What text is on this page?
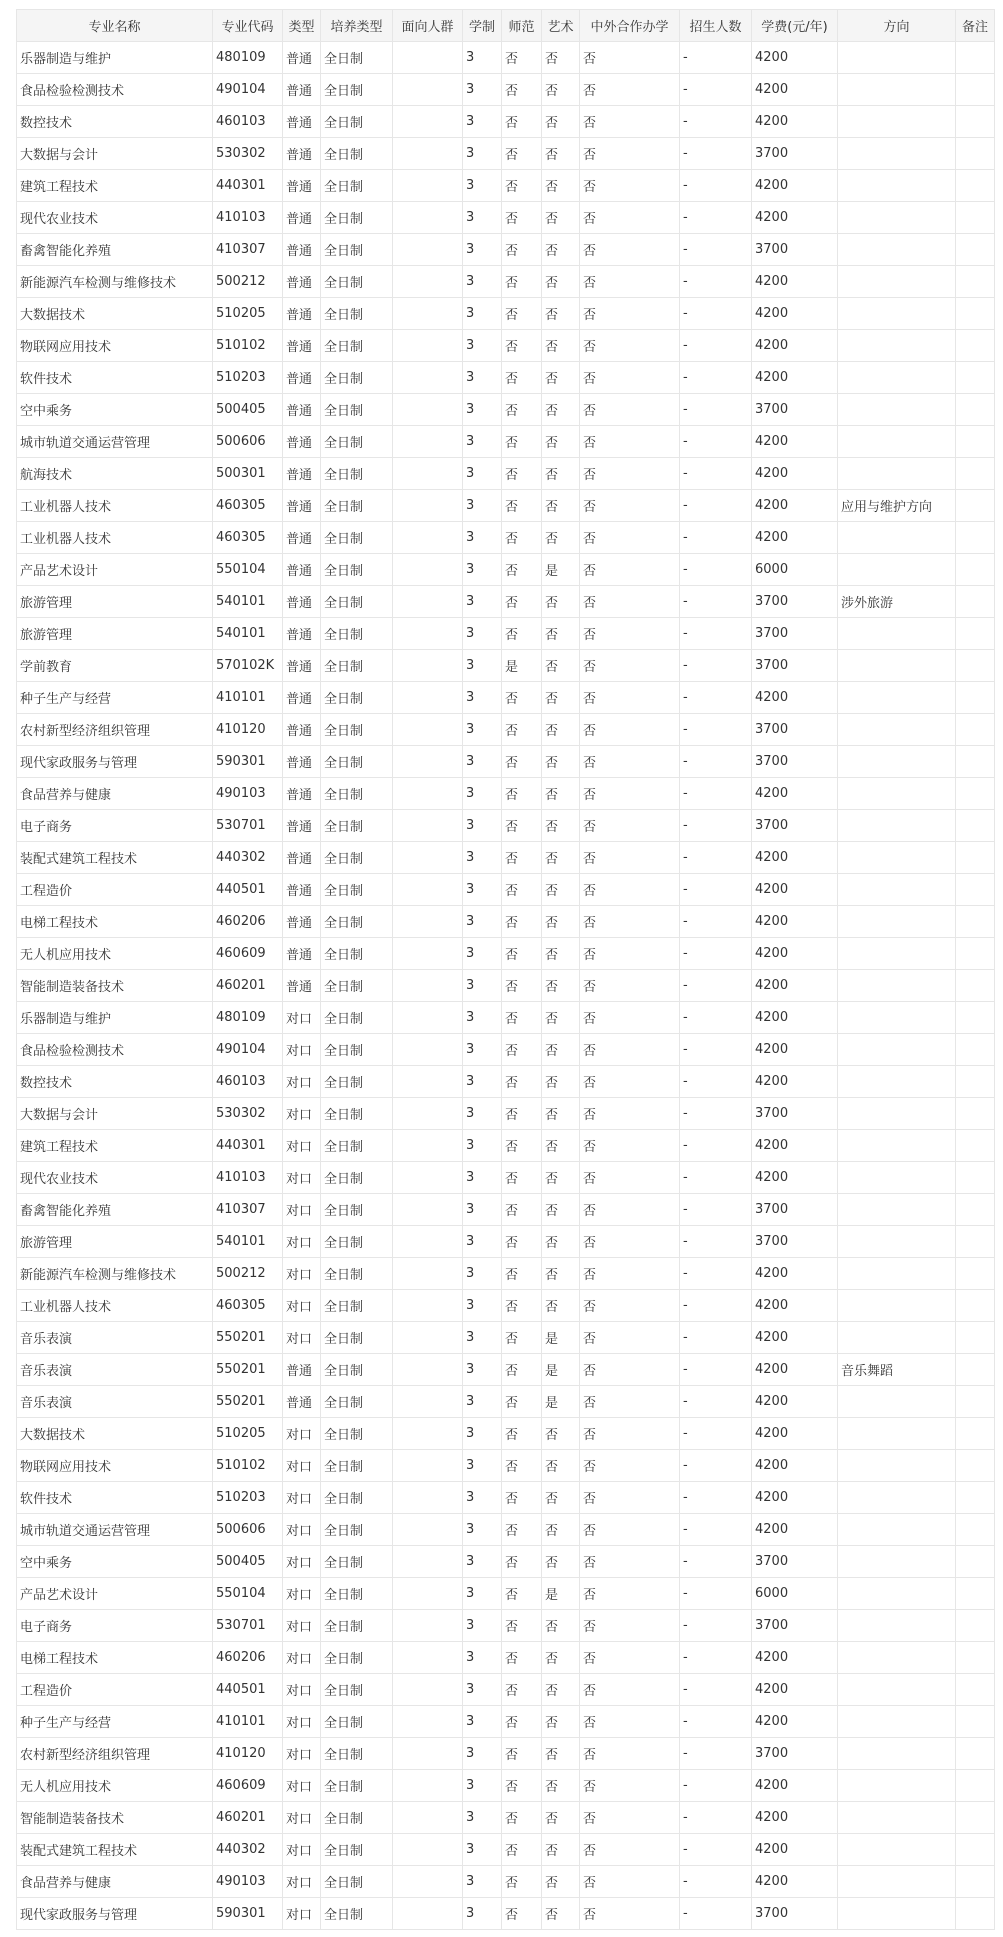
专业名称	专业代码	类型	培养类型	面向人群	学制	师范	艺术	中外合作办学	招生人数	学费(元/年)	方向	备注
乐器制造与维护	480109	普通	全日制		3	否	否	否	-	4200		
食品检验检测技术	490104	普通	全日制		3	否	否	否	-	4200		
数控技术	460103	普通	全日制		3	否	否	否	-	4200		
大数据与会计	530302	普通	全日制		3	否	否	否	-	3700		
建筑工程技术	440301	普通	全日制		3	否	否	否	-	4200		
现代农业技术	410103	普通	全日制		3	否	否	否	-	4200		
畜禽智能化养殖	410307	普通	全日制		3	否	否	否	-	3700		
新能源汽车检测与维修技术	500212	普通	全日制		3	否	否	否	-	4200		
大数据技术	510205	普通	全日制		3	否	否	否	-	4200		
物联网应用技术	510102	普通	全日制		3	否	否	否	-	4200		
软件技术	510203	普通	全日制		3	否	否	否	-	4200		
空中乘务	500405	普通	全日制		3	否	否	否	-	3700		
城市轨道交通运营管理	500606	普通	全日制		3	否	否	否	-	4200		
航海技术	500301	普通	全日制		3	否	否	否	-	4200		
工业机器人技术	460305	普通	全日制		3	否	否	否	-	4200	应用与维护方向	
工业机器人技术	460305	普通	全日制		3	否	否	否	-	4200		
产品艺术设计	550104	普通	全日制		3	否	是	否	-	6000		
旅游管理	540101	普通	全日制		3	否	否	否	-	3700	涉外旅游	
旅游管理	540101	普通	全日制		3	否	否	否	-	3700		
学前教育	570102K	普通	全日制		3	是	否	否	-	3700		
种子生产与经营	410101	普通	全日制		3	否	否	否	-	4200		
农村新型经济组织管理	410120	普通	全日制		3	否	否	否	-	3700		
现代家政服务与管理	590301	普通	全日制		3	否	否	否	-	3700		
食品营养与健康	490103	普通	全日制		3	否	否	否	-	4200		
电子商务	530701	普通	全日制		3	否	否	否	-	3700		
装配式建筑工程技术	440302	普通	全日制		3	否	否	否	-	4200		
工程造价	440501	普通	全日制		3	否	否	否	-	4200		
电梯工程技术	460206	普通	全日制		3	否	否	否	-	4200		
无人机应用技术	460609	普通	全日制		3	否	否	否	-	4200		
智能制造装备技术	460201	普通	全日制		3	否	否	否	-	4200		
乐器制造与维护	480109	对口	全日制		3	否	否	否	-	4200		
食品检验检测技术	490104	对口	全日制		3	否	否	否	-	4200		
数控技术	460103	对口	全日制		3	否	否	否	-	4200		
大数据与会计	530302	对口	全日制		3	否	否	否	-	3700		
建筑工程技术	440301	对口	全日制		3	否	否	否	-	4200		
现代农业技术	410103	对口	全日制		3	否	否	否	-	4200		
畜禽智能化养殖	410307	对口	全日制		3	否	否	否	-	3700		
旅游管理	540101	对口	全日制		3	否	否	否	-	3700		
新能源汽车检测与维修技术	500212	对口	全日制		3	否	否	否	-	4200		
工业机器人技术	460305	对口	全日制		3	否	否	否	-	4200		
音乐表演	550201	对口	全日制		3	否	是	否	-	4200		
音乐表演	550201	普通	全日制		3	否	是	否	-	4200	音乐舞蹈	
音乐表演	550201	普通	全日制		3	否	是	否	-	4200		
大数据技术	510205	对口	全日制		3	否	否	否	-	4200		
物联网应用技术	510102	对口	全日制		3	否	否	否	-	4200		
软件技术	510203	对口	全日制		3	否	否	否	-	4200		
城市轨道交通运营管理	500606	对口	全日制		3	否	否	否	-	4200		
空中乘务	500405	对口	全日制		3	否	否	否	-	3700		
产品艺术设计	550104	对口	全日制		3	否	是	否	-	6000		
电子商务	530701	对口	全日制		3	否	否	否	-	3700		
电梯工程技术	460206	对口	全日制		3	否	否	否	-	4200		
工程造价	440501	对口	全日制		3	否	否	否	-	4200		
种子生产与经营	410101	对口	全日制		3	否	否	否	-	4200		
农村新型经济组织管理	410120	对口	全日制		3	否	否	否	-	3700		
无人机应用技术	460609	对口	全日制		3	否	否	否	-	4200		
智能制造装备技术	460201	对口	全日制		3	否	否	否	-	4200		
装配式建筑工程技术	440302	对口	全日制		3	否	否	否	-	4200		
食品营养与健康	490103	对口	全日制		3	否	否	否	-	4200		
现代家政服务与管理	590301	对口	全日制		3	否	否	否	-	3700		
